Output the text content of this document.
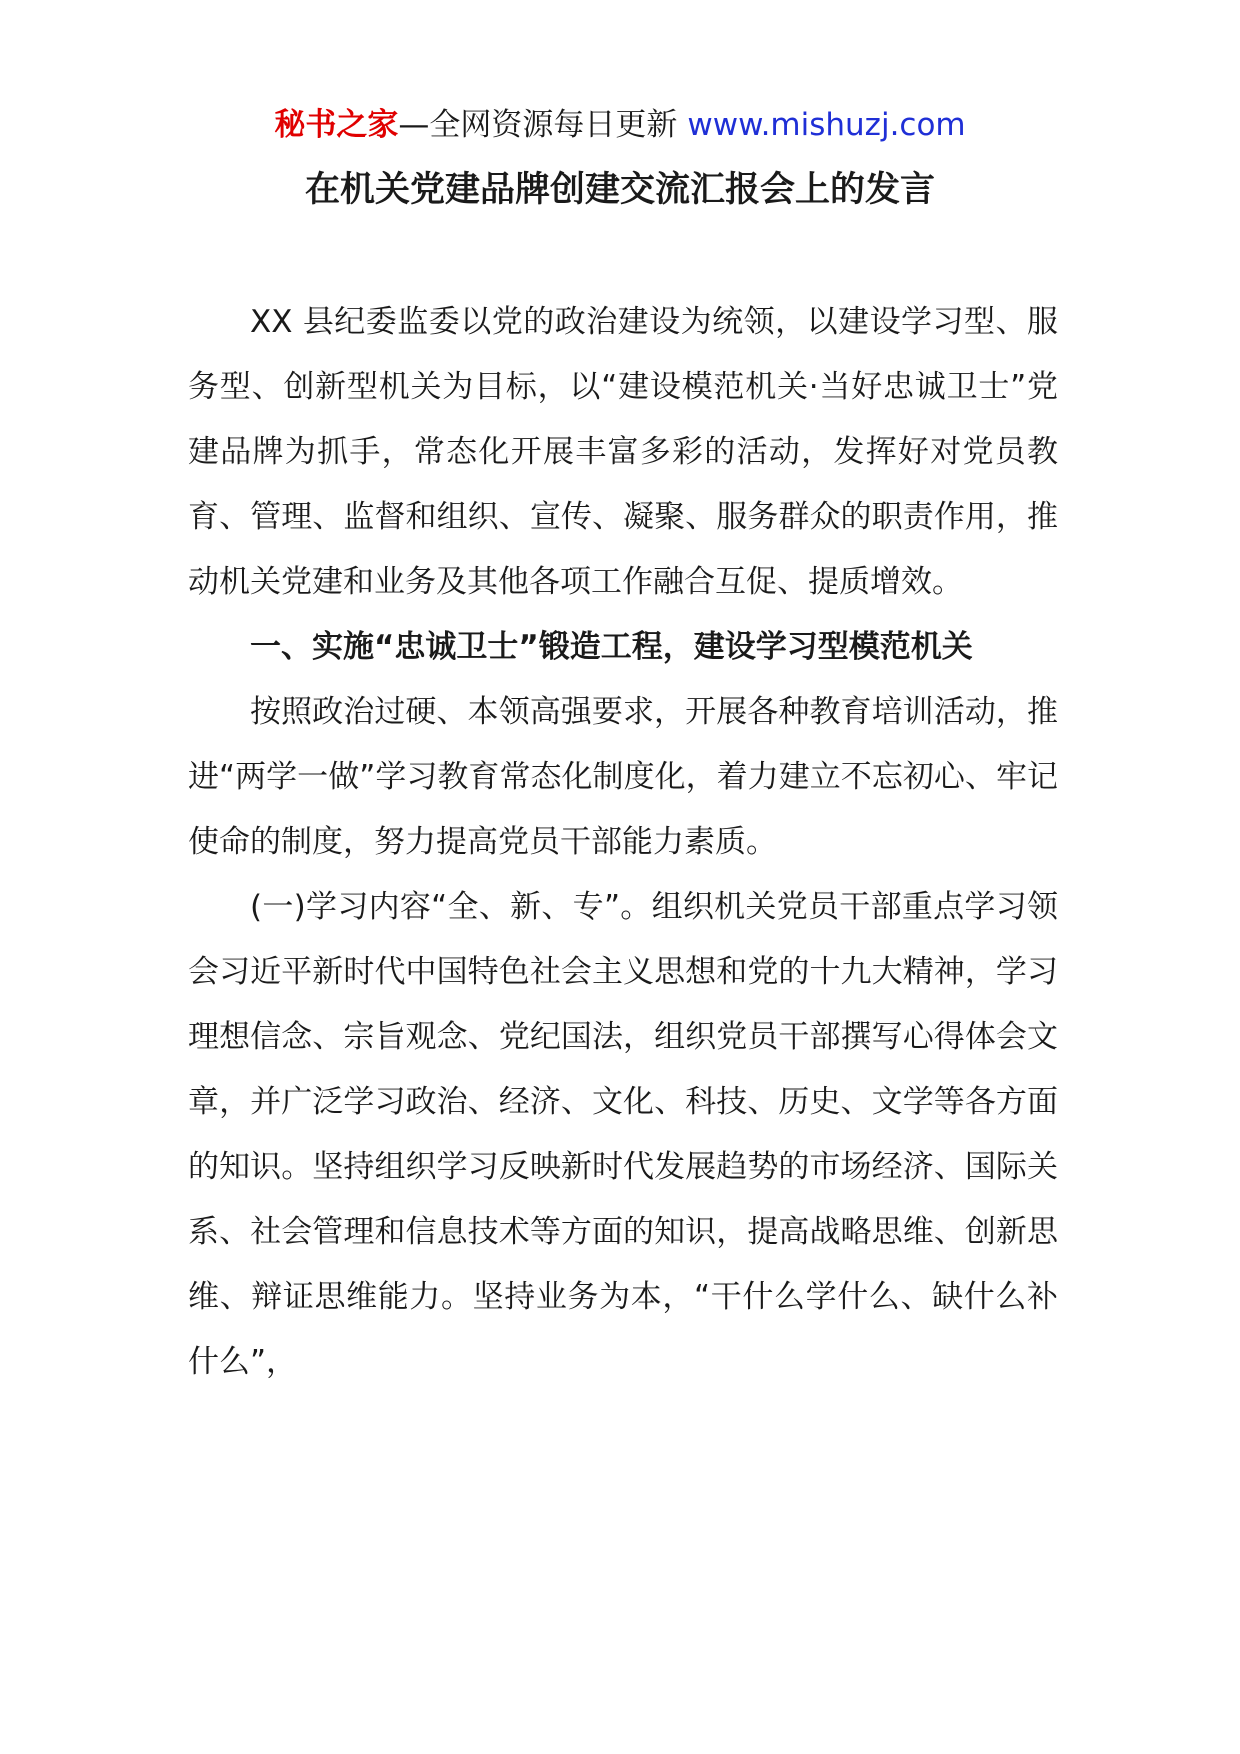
秘书之家—全网资源每日更新 www.mishuzj.com
在机关党建品牌创建交流汇报会上的发言

XX 县纪委监委以党的政治建设为统领，以建设学习型、服务型、创新型机关为目标，以“建设模范机关·当好忠诚卫士”党建品牌为抓手，常态化开展丰富多彩的活动，发挥好对党员教育、管理、监督和组织、宣传、凝聚、服务群众的职责作用，推动机关党建和业务及其他各项工作融合互促、提质增效。

一、实施“忠诚卫士”锻造工程，建设学习型模范机关

按照政治过硬、本领高强要求，开展各种教育培训活动，推进“两学一做”学习教育常态化制度化，着力建立不忘初心、牢记使命的制度，努力提高党员干部能力素质。

(一)学习内容“全、新、专”。组织机关党员干部重点学习领会习近平新时代中国特色社会主义思想和党的十九大精神，学习理想信念、宗旨观念、党纪国法，组织党员干部撰写心得体会文章，并广泛学习政治、经济、文化、科技、历史、文学等各方面的知识。坚持组织学习反映新时代发展趋势的市场经济、国际关系、社会管理和信息技术等方面的知识，提高战略思维、创新思维、辩证思维能力。坚持业务为本，“干什么学什么、缺什么补什么”，
